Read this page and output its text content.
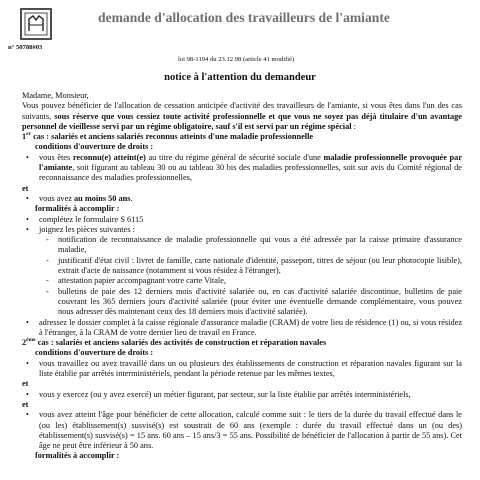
n° 50788#03
demande d'allocation des travailleurs de l'amiante
loi 98-1194 du 23.12.98 (article 41 modifié)
notice à l'attention du demandeur

Madame, Monsieur,

Vous pouvez bénéficier de l'allocation de cessation anticipée d'activité des travailleurs de l'amiante, si vous êtes dans l'un des cas suivants, sous réserve que vous cessiez toute activité professionnelle et que vous ne soyez pas déjà titulaire d'un avantage personnel de vieillesse servi par un régime obligatoire, sauf s'il est servi par un régime spécial :

1er cas : salariés et anciens salariés reconnus atteints d'une maladie professionnelle

conditions d'ouverture de droits :

• vous êtes reconnu(e) atteint(e) au titre du régime général de sécurité sociale d'une maladie professionnelle provoquée par l'amiante, soit figurant au tableau 30 ou au tableau 30 bis des maladies professionnelles, soit sur avis du Comité régional de reconnaissance des maladies professionnelles,

et

• vous avez au moins 50 ans.

formalités à accomplir :

• complétez le formulaire S 6115
• joignez les pièces suivantes :
- notification de reconnaissance de maladie professionnelle qui vous a été adressée par la caisse primaire d'assurance maladie,
- justificatif d'état civil : livret de famille, carte nationale d'identité, passeport, titres de séjour (ou leur photocopie lisible), extrait d'acte de naissance (notamment si vous résidez à l'étranger),
- attestation papier accompagnant votre carte Vitale,
- bulletins de paie des 12 derniers mois d'activité salariée ou, en cas d'activité salariée discontinue, bulletins de paie couvrant les 365 derniers jours d'activité salariée (pour éviter une éventuelle demande complémentaire, vous pouvez nous adresser dès maintenant ceux des 18 derniers mois d'activité salariée).
• adressez le dossier complet à la caisse régionale d'assurance maladie (CRAM) de votre lieu de résidence (1) ou, si vous résidez à l'étranger, à la CRAM de votre dernier lieu de travail en France.

2ème cas : salariés et anciens salariés des activités de construction et réparation navales

conditions d'ouverture de droits :

• vous travaillez ou avez travaillé dans un ou plusieurs des établissements de construction et réparation navales figurant sur la liste établie par arrêtés interministériels, pendant la période retenue par les mêmes textes,

et

• vous y exercez (ou y avez exercé) un métier figurant, par secteur, sur la liste établie par arrêtés interministériels,

et

• vous avez atteint l'âge pour bénéficier de cette allocation, calculé comme suit : le tiers de la durée du travail effectué dans le (ou les) établissement(s) susvisé(s) est soustrait de 60 ans (exemple : durée du travail effectué dans un (ou des) établissement(s) susvisé(s) = 15 ans. 60 ans – 15 ans/3 = 55 ans. Possibilité de bénéficier de l'allocation à partir de 55 ans). Cet âge ne peut être inférieur à 50 ans.

formalités à accomplir :
